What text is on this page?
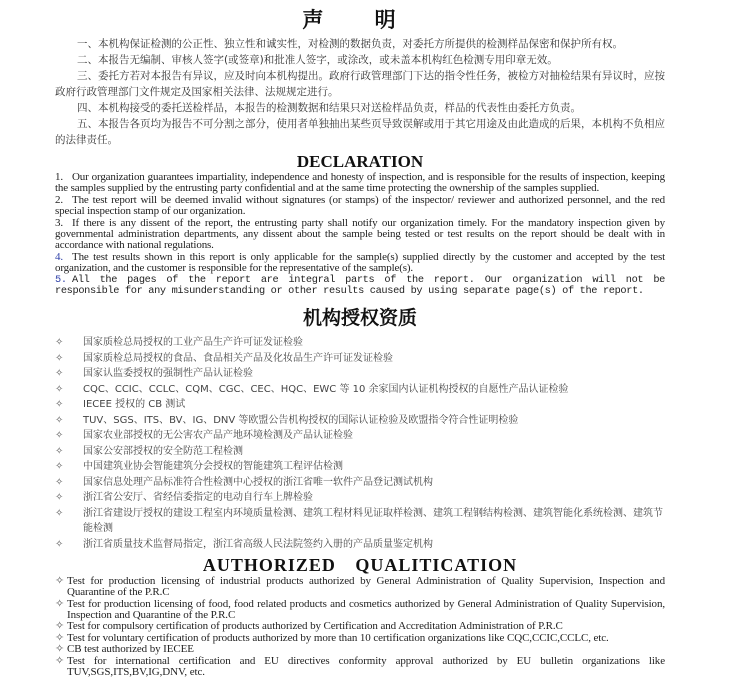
声 明

一、本机构保证检测的公正性、独立性和诚实性，对检测的数据负责，对委托方所提供的检测样品保密和保护所有权。

二、本报告无编制、审核人签字(或签章)和批准人签字，或涂改，或未盖本机构红色检测专用印章无效。

三、委托方若对本报告有异议，应及时向本机构提出。政府行政管理部门下达的指令性任务，被检方对抽检结果有异议时，应按政府行政管理部门文件规定及国家相关法律、法规规定进行。

四、本机构接受的委托送检样品，本报告的检测数据和结果只对送检样品负责，样品的代表性由委托方负责。

五、本报告各页均为报告不可分割之部分，使用者单独抽出某些页导致误解或用于其它用途及由此造成的后果，本机构不负相应的法律责任。

DECLARATION

1. Our organization guarantees impartiality, independence and honesty of inspection, and is responsible for the results of inspection, keeping the samples supplied by the entrusting party confidential and at the same time protecting the ownership of the samples supplied.

2. The test report will be deemed invalid without signatures (or stamps) of the inspector/ reviewer and authorized personnel, and the red special inspection stamp of our organization.

3. If there is any dissent of the report, the entrusting party shall notify our organization timely. For the mandatory inspection given by governmental administration departments, any dissent about the sample being tested or test results on the report should be dealt with in accordance with national regulations.

4. The test results shown in this report is only applicable for the sample(s) supplied directly by the customer and accepted by the test organization, and the customer is responsible for the representative of the sample(s).

5. All the pages of the report are integral parts of the report. Our organization will not be responsible for any misunderstanding or other results caused by using separate page(s) of the report.

机构授权资质
✧ 国家质检总局授权的工业产品生产许可证发证检验
✧ 国家质检总局授权的食品、食品相关产品及化妆品生产许可证发证检验
✧ 国家认监委授权的强制性产品认证检验
✧ CQC、CCIC、CCLC、CQM、CGC、CEC、HQC、EWC 等 10 余家国内认证机构授权的自愿性产品认证检验
✧ IECEE 授权的 CB 测试
✧ TUV、SGS、ITS、BV、IG、DNV 等欧盟公告机构授权的国际认证检验及欧盟指令符合性证明检验
✧ 国家农业部授权的无公害农产品产地环境检测及产品认证检验
✧ 国家公安部授权的安全防范工程检测
✧ 中国建筑业协会智能建筑分会授权的智能建筑工程评估检测
✧ 国家信息处理产品标准符合性检测中心授权的浙江省唯一软件产品登记测试机构
✧ 浙江省公安厅、省经信委指定的电动自行车上牌检验
✧ 浙江省建设厅授权的建设工程室内环境质量检测、建筑工程材料见证取样检测、建筑工程钢结构检测、建筑智能化系统检测、建筑节能检测
✧ 浙江省质量技术监督局指定，浙江省高级人民法院签约入册的产品质量鉴定机构
AUTHORIZED QUALITICATION
✧ Test for production licensing of industrial products authorized by General Administration of Quality Supervision, Inspection and Quarantine of the P.R.C
✧ Test for production licensing of food, food related products and cosmetics authorized by General Administration of Quality Supervision, Inspection and Quarantine of the P.R.C
✧ Test for compulsory certification of products authorized by Certification and Accreditation Administration of P.R.C
✧ Test for voluntary certification of products authorized by more than 10 certification organizations like CQC,CCIC,CCLC, etc.
✧ CB test authorized by IECEE
✧ Test for international certification and EU directives conformity approval authorized by EU bulletin organizations like TUV,SGS,ITS,BV,IG,DNV, etc.
